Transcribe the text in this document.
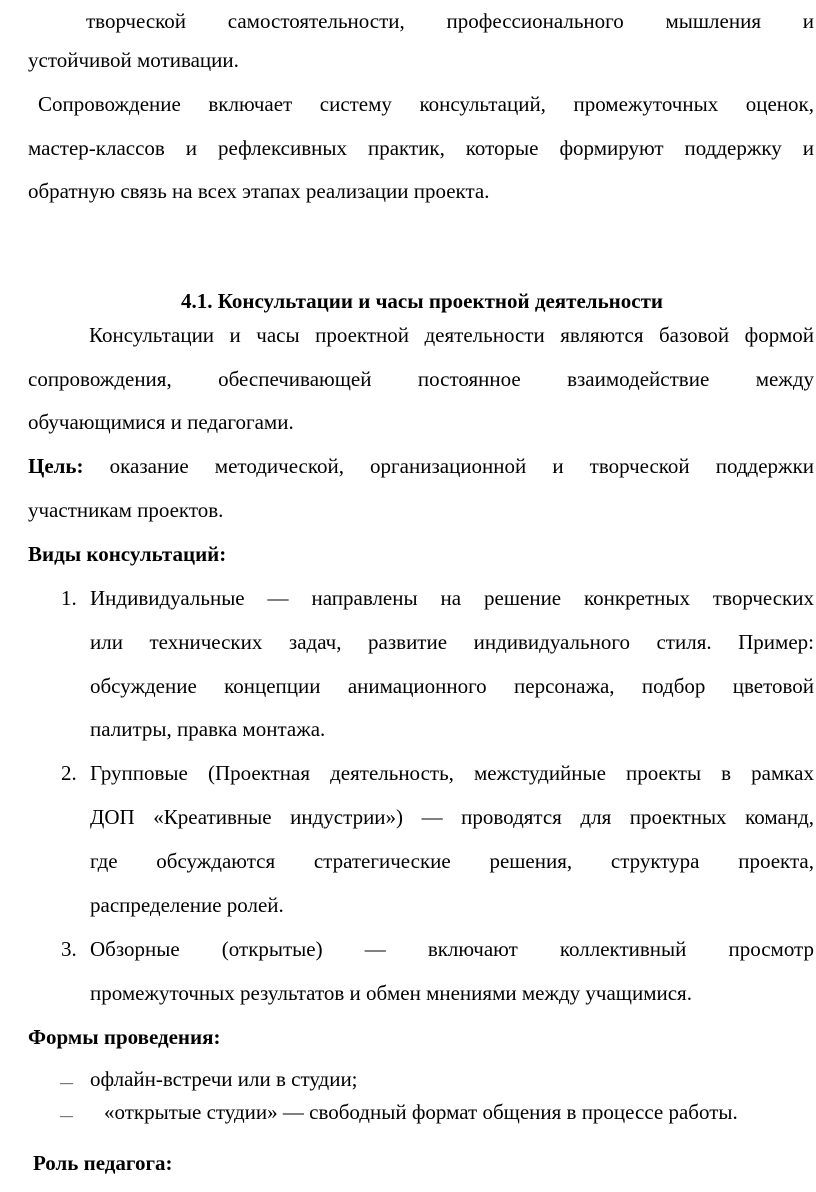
творческой самостоятельности, профессионального мышления и
устойчивой мотивации.
Сопровождение включает систему консультаций, промежуточных оценок,
мастер-классов и рефлексивных практик, которые формируют поддержку и
обратную связь на всех этапах реализации проекта.
4.1. Консультации и часы проектной деятельности
Консультации и часы проектной деятельности являются базовой формой
сопровождения, обеспечивающей постоянное взаимодействие между
обучающимися и педагогами.
Цель: оказание методической, организационной и творческой поддержки
участникам проектов.
Виды консультаций:
1. Индивидуальные — направлены на решение конкретных творческих
или технических задач, развитие индивидуального стиля. Пример:
обсуждение концепции анимационного персонажа, подбор цветовой
палитры, правка монтажа.
2. Групповые (Проектная деятельность, межстудийные проекты в рамках
ДОП «Креативные индустрии») — проводятся для проектных команд,
где обсуждаются стратегические решения, структура проекта,
распределение ролей.
3. Обзорные (открытые) — включают коллективный просмотр
промежуточных результатов и обмен мнениями между учащимися.
Формы проведения:
— офлайн-встречи или в студии;
— «открытые студии» — свободный формат общения в процессе работы.
Роль педагога:
